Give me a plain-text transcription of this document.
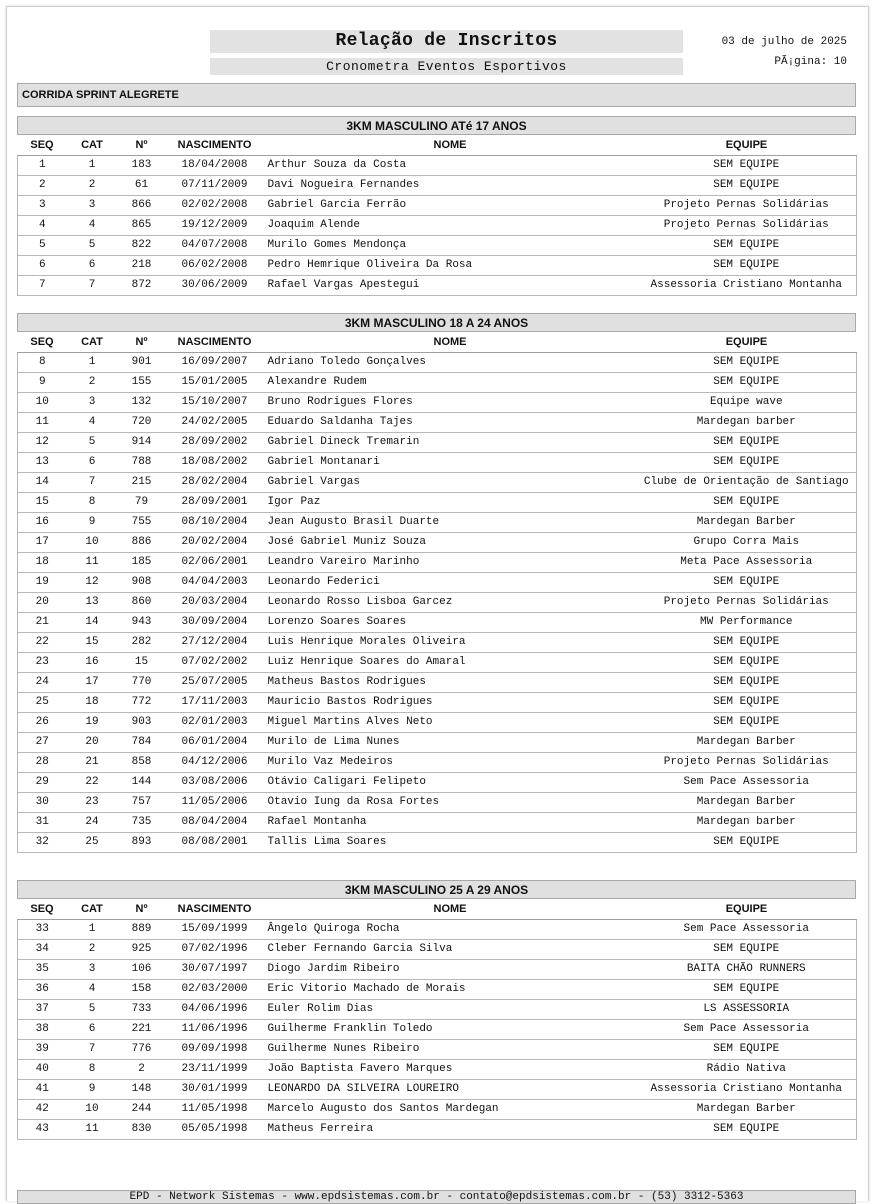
Relação de Inscritos
Cronometra Eventos Esportivos
03 de julho de 2025
PÃ¡gina: 10
CORRIDA SPRINT ALEGRETE
3KM MASCULINO ATé 17 ANOS
SEQ	CAT	Nº	NASCIMENTO	NOME	EQUIPE
1	1	183	18/04/2008	Arthur Souza da Costa	SEM EQUIPE
2	2	61	07/11/2009	Davi Nogueira Fernandes	SEM EQUIPE
3	3	866	02/02/2008	Gabriel Garcia Ferrão	Projeto Pernas Solidárias
4	4	865	19/12/2009	Joaquim Alende	Projeto Pernas Solidárias
5	5	822	04/07/2008	Murilo Gomes Mendonça	SEM EQUIPE
6	6	218	06/02/2008	Pedro Hemrique Oliveira Da Rosa	SEM EQUIPE
7	7	872	30/06/2009	Rafael Vargas Apestegui	Assessoria Cristiano Montanha
3KM MASCULINO 18 A 24 ANOS
SEQ	CAT	Nº	NASCIMENTO	NOME	EQUIPE
8	1	901	16/09/2007	Adriano Toledo Gonçalves	SEM EQUIPE
9	2	155	15/01/2005	Alexandre Rudem	SEM EQUIPE
10	3	132	15/10/2007	Bruno Rodrigues Flores	Equipe wave
11	4	720	24/02/2005	Eduardo Saldanha Tajes	Mardegan barber
12	5	914	28/09/2002	Gabriel Dineck Tremarin	SEM EQUIPE
13	6	788	18/08/2002	Gabriel Montanari	SEM EQUIPE
14	7	215	28/02/2004	Gabriel Vargas	Clube de Orientação de Santiago
15	8	79	28/09/2001	Igor Paz	SEM EQUIPE
16	9	755	08/10/2004	Jean Augusto Brasil Duarte	Mardegan Barber
17	10	886	20/02/2004	José Gabriel Muniz Souza	Grupo Corra Mais
18	11	185	02/06/2001	Leandro Vareiro Marinho	Meta Pace Assessoria
19	12	908	04/04/2003	Leonardo Federici	SEM EQUIPE
20	13	860	20/03/2004	Leonardo Rosso Lisboa Garcez	Projeto Pernas Solidárias
21	14	943	30/09/2004	Lorenzo Soares Soares	MW Performance
22	15	282	27/12/2004	Luis Henrique Morales Oliveira	SEM EQUIPE
23	16	15	07/02/2002	Luiz Henrique Soares do Amaral	SEM EQUIPE
24	17	770	25/07/2005	Matheus Bastos Rodrigues	SEM EQUIPE
25	18	772	17/11/2003	Mauricio Bastos Rodrigues	SEM EQUIPE
26	19	903	02/01/2003	Miguel Martins Alves Neto	SEM EQUIPE
27	20	784	06/01/2004	Murilo de Lima Nunes	Mardegan Barber
28	21	858	04/12/2006	Murilo Vaz Medeiros	Projeto Pernas Solidárias
29	22	144	03/08/2006	Otávio Caligari Felipeto	Sem Pace Assessoria
30	23	757	11/05/2006	Otavio Iung da Rosa Fortes	Mardegan Barber
31	24	735	08/04/2004	Rafael Montanha	Mardegan barber
32	25	893	08/08/2001	Tallis Lima Soares	SEM EQUIPE
3KM MASCULINO 25 A 29 ANOS
SEQ	CAT	Nº	NASCIMENTO	NOME	EQUIPE
33	1	889	15/09/1999	Ângelo Quiroga Rocha	Sem Pace Assessoria
34	2	925	07/02/1996	Cleber Fernando Garcia Silva	SEM EQUIPE
35	3	106	30/07/1997	Diogo Jardim Ribeiro	BAITA CHÃO RUNNERS
36	4	158	02/03/2000	Eric Vitorio Machado de Morais	SEM EQUIPE
37	5	733	04/06/1996	Euler Rolim Dias	LS ASSESSORIA
38	6	221	11/06/1996	Guilherme Franklin Toledo	Sem Pace Assessoria
39	7	776	09/09/1998	Guilherme Nunes Ribeiro	SEM EQUIPE
40	8	2	23/11/1999	João Baptista Favero Marques	Rádio Nativa
41	9	148	30/01/1999	LEONARDO DA SILVEIRA LOUREIRO	Assessoria Cristiano Montanha
42	10	244	11/05/1998	Marcelo Augusto dos Santos Mardegan	Mardegan Barber
43	11	830	05/05/1998	Matheus Ferreira	SEM EQUIPE
EPD - Network Sistemas - www.epdsistemas.com.br - contato@epdsistemas.com.br - (53) 3312-5363
